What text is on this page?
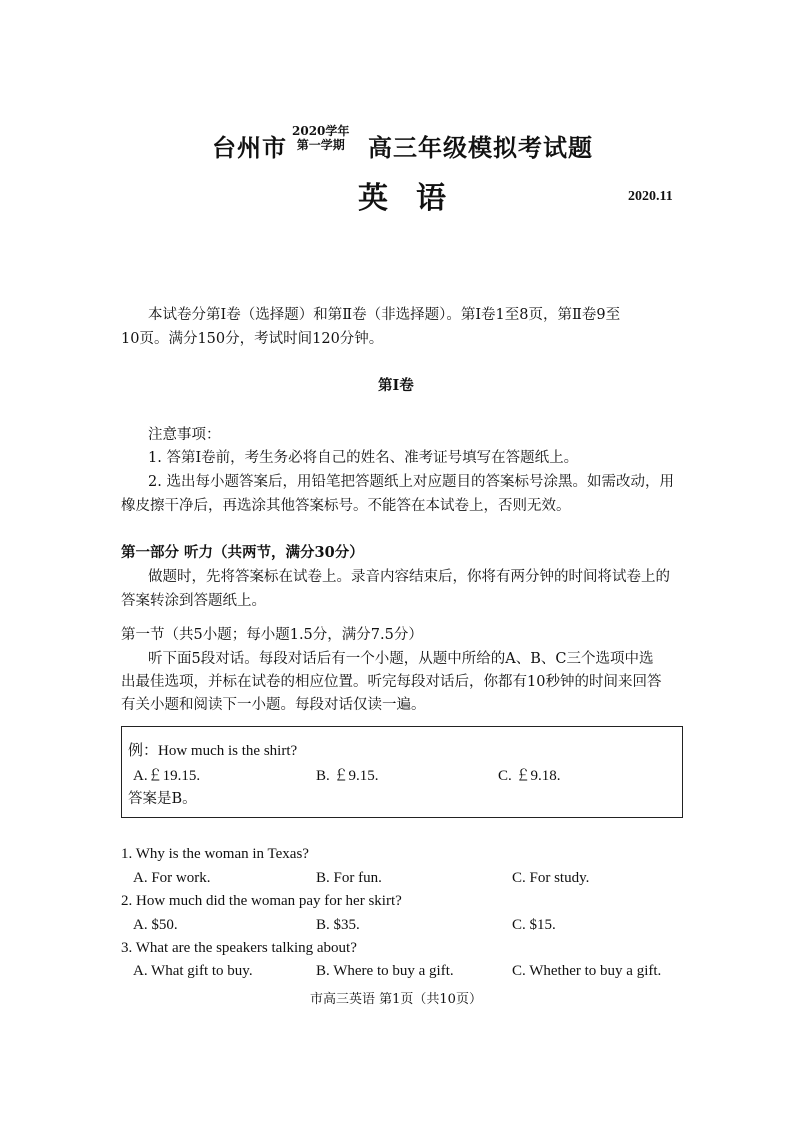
台州市
2020学年
第一学期 高三年级模拟考试题
英语	2020.11
本试卷分第Ⅰ卷（选择题）和第Ⅱ卷（非选择题）。第Ⅰ卷1至8页，第Ⅱ卷9至
10页。满分150分，考试时间120分钟。
第Ⅰ卷
注意事项：
1. 答第Ⅰ卷前，考生务必将自己的姓名、准考证号填写在答题纸上。
2. 选出每小题答案后，用铅笔把答题纸上对应题目的答案标号涂黑。如需改动，用
橡皮擦干净后，再选涂其他答案标号。不能答在本试卷上，否则无效。
第一部分 听力（共两节，满分30分）
做题时，先将答案标在试卷上。录音内容结束后，你将有两分钟的时间将试卷上的
答案转涂到答题纸上。
第一节（共5小题；每小题1.5分，满分7.5分）
听下面5段对话。每段对话后有一个小题，从题中所给的A、B、C三个选项中选
出最佳选项，并标在试卷的相应位置。听完每段对话后，你都有10秒钟的时间来回答
有关小题和阅读下一小题。每段对话仅读一遍。
例：How much is the shirt?
A.￡19.15.	B. ￡9.15.	C. ￡9.18.
答案是B。
1. Why is the woman in Texas?
A. For work.	B. For fun.	C. For study.
2. How much did the woman pay for her skirt?
A. $50.	B. $35.	C. $15.
3. What are the speakers talking about?
A. What gift to buy.	B. Where to buy a gift.	C. Whether to buy a gift.
市高三英语 第1页（共10页）
